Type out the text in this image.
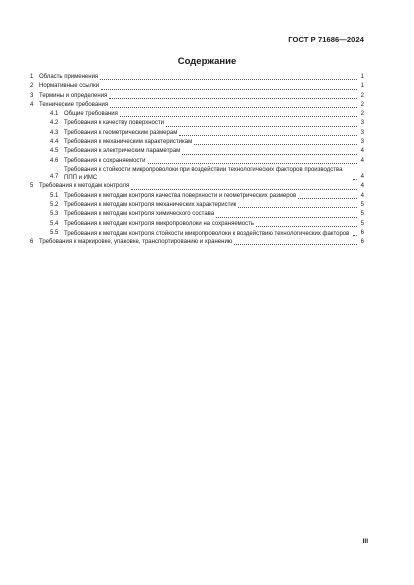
ГОСТ Р 71686—2024
Содержание
1 Область применения	1
2 Нормативные ссылки	1
3 Термины и определения	2
4 Технические требования	2
4.1 Общие требования	2
4.2 Требования к качеству поверхности	3
4.3 Требования к геометрическим размерам	3
4.4 Требования к механическим характеристикам	3
4.5 Требования к электрическим параметрам	4
4.6 Требования к сохраняемости	4
4.7
Требования к стойкости микропроволоки при воздействии технологических факторов производства ППП и ИМС	4
5 Требования к методам контроля	4
5.1 Требования к методам контроля качества поверхности и геометрических размеров	4
5.2 Требования к методам контроля механических характеристик	5
5.3 Требования к методам контроля химического состава	5
5.4 Требования к методам контроля микропроволоки на сохраняемость	5
5.5 Требования к методам контроля стойкости микропроволоки к воздействию технологических факторов 6
6 Требования к маркировке, упаковке, транспортированию и хранению	6
III
